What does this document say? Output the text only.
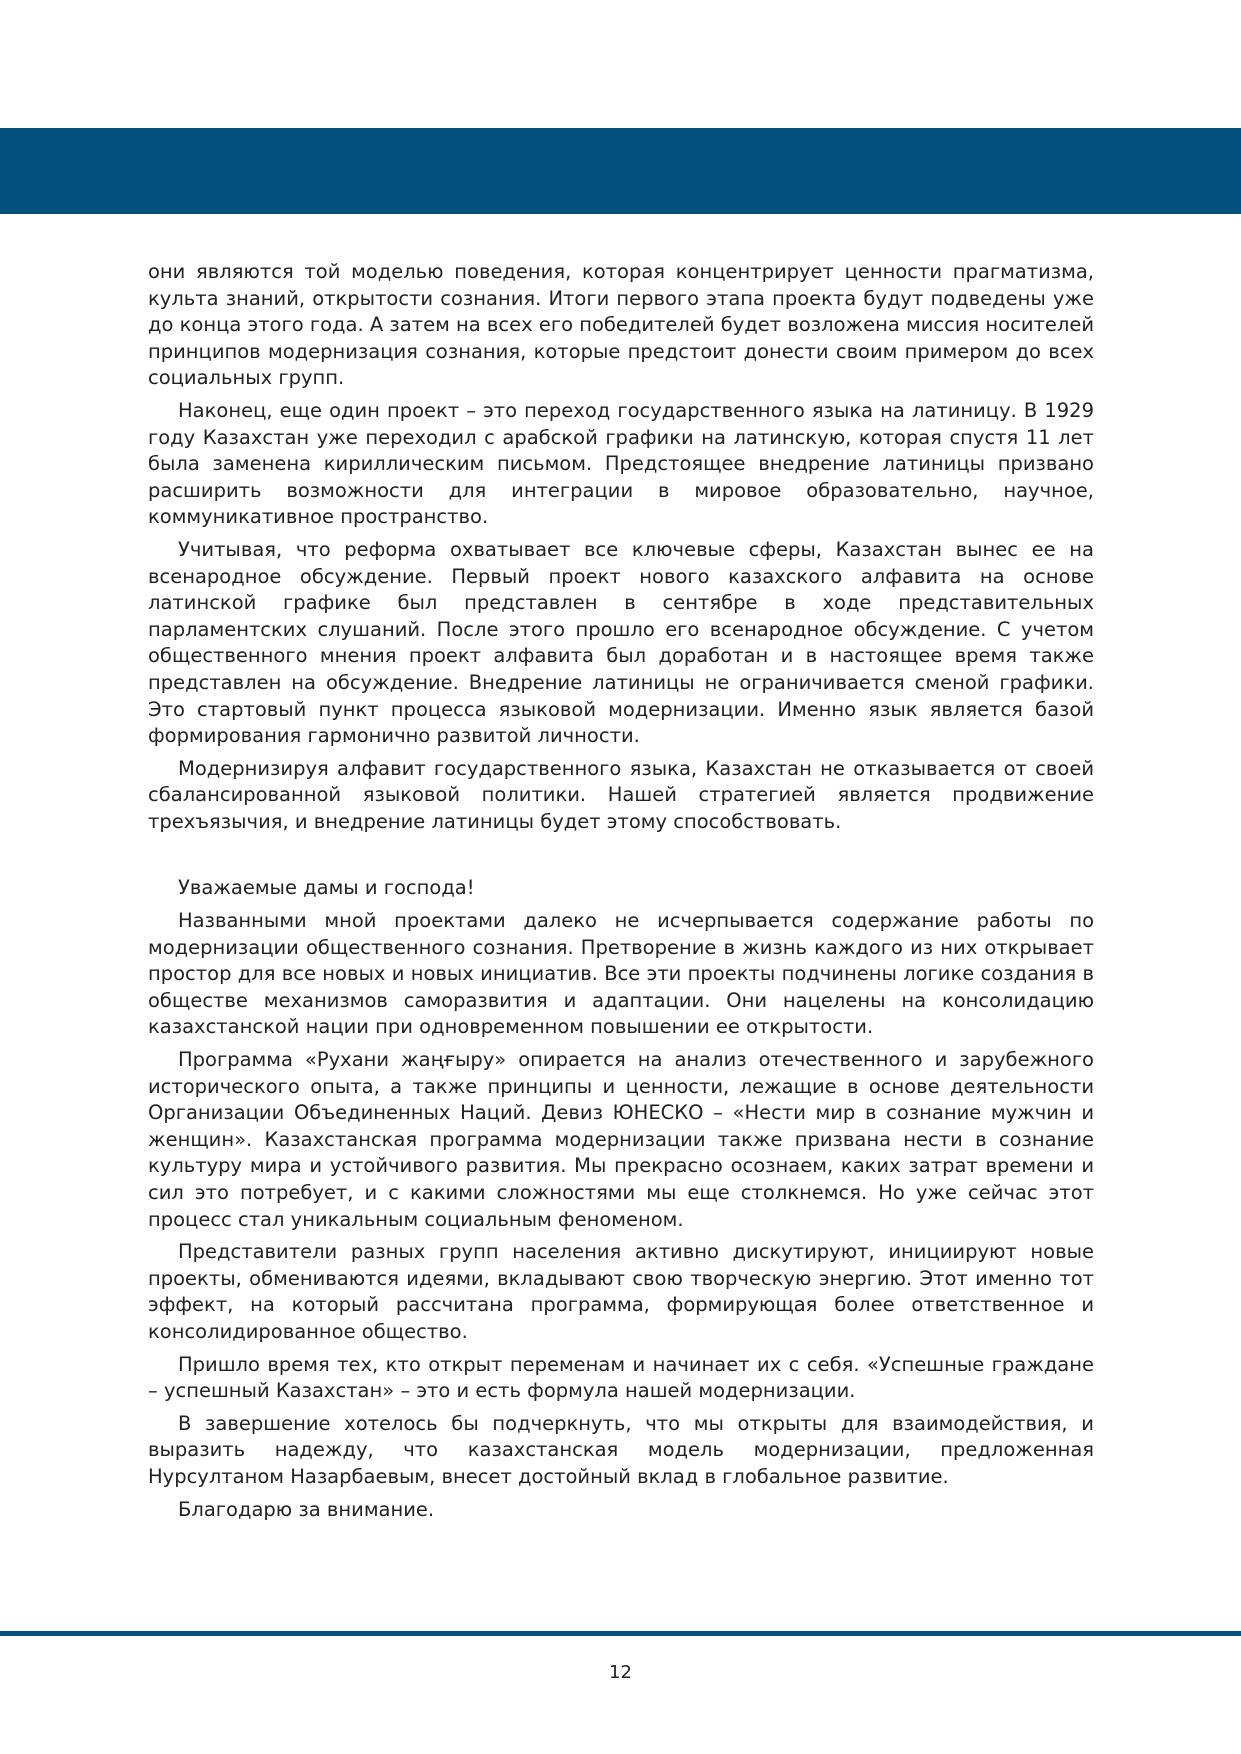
они являются той моделью поведения, которая концентрирует ценности прагматизма, культа знаний, открытости сознания. Итоги первого этапа проекта будут подведены уже до конца этого года. А затем на всех его победителей будет возложена миссия носителей принципов модернизация сознания, которые предстоит донести своим примером до всех социальных групп.

Наконец, еще один проект – это переход государственного языка на латиницу. В 1929 году Казахстан уже переходил с арабской графики на латинскую, которая спустя 11 лет была заменена кириллическим письмом. Предстоящее внедрение латиницы призвано расширить возможности для интеграции в мировое образовательно, научное, коммуникативное пространство.

Учитывая, что реформа охватывает все ключевые сферы, Казахстан вынес ее на всенародное обсуждение. Первый проект нового казахского алфавита на основе латинской графике был представлен в сентябре в ходе представительных парламентских слушаний. После этого прошло его всенародное обсуждение. С учетом общественного мнения проект алфавита был доработан и в настоящее время также представлен на обсуждение. Внедрение латиницы не ограничивается сменой графики. Это стартовый пункт процесса языковой модернизации. Именно язык является базой формирования гармонично развитой личности.

Модернизируя алфавит государственного языка, Казахстан не отказывается от своей сбалансированной языковой политики. Нашей стратегией является продвижение трехъязычия, и внедрение латиницы будет этому способствовать.

Уважаемые дамы и господа!

Названными мной проектами далеко не исчерпывается содержание работы по модернизации общественного сознания. Претворение в жизнь каждого из них открывает простор для все новых и новых инициатив. Все эти проекты подчинены логике создания в обществе механизмов саморазвития и адаптации. Они нацелены на консолидацию казахстанской нации при одновременном повышении ее открытости.

Программа «Рухани жаңғыру» опирается на анализ отечественного и зарубежного исторического опыта, а также принципы и ценности, лежащие в основе деятельности Организации Объединенных Наций. Девиз ЮНЕСКО – «Нести мир в сознание мужчин и женщин». Казахстанская программа модернизации также призвана нести в сознание культуру мира и устойчивого развития. Мы прекрасно осознаем, каких затрат времени и сил это потребует, и с какими сложностями мы еще столкнемся. Но уже сейчас этот процесс стал уникальным социальным феноменом.

Представители разных групп населения активно дискутируют, инициируют новые проекты, обмениваются идеями, вкладывают свою творческую энергию. Этот именно тот эффект, на который рассчитана программа, формирующая более ответственное и консолидированное общество.

Пришло время тех, кто открыт переменам и начинает их с себя. «Успешные граждане – успешный Казахстан» – это и есть формула нашей модернизации.

В завершение хотелось бы подчеркнуть, что мы открыты для взаимодействия, и выразить надежду, что казахстанская модель модернизации, предложенная Нурсултаном Назарбаевым, внесет достойный вклад в глобальное развитие.

Благодарю за внимание.

12
